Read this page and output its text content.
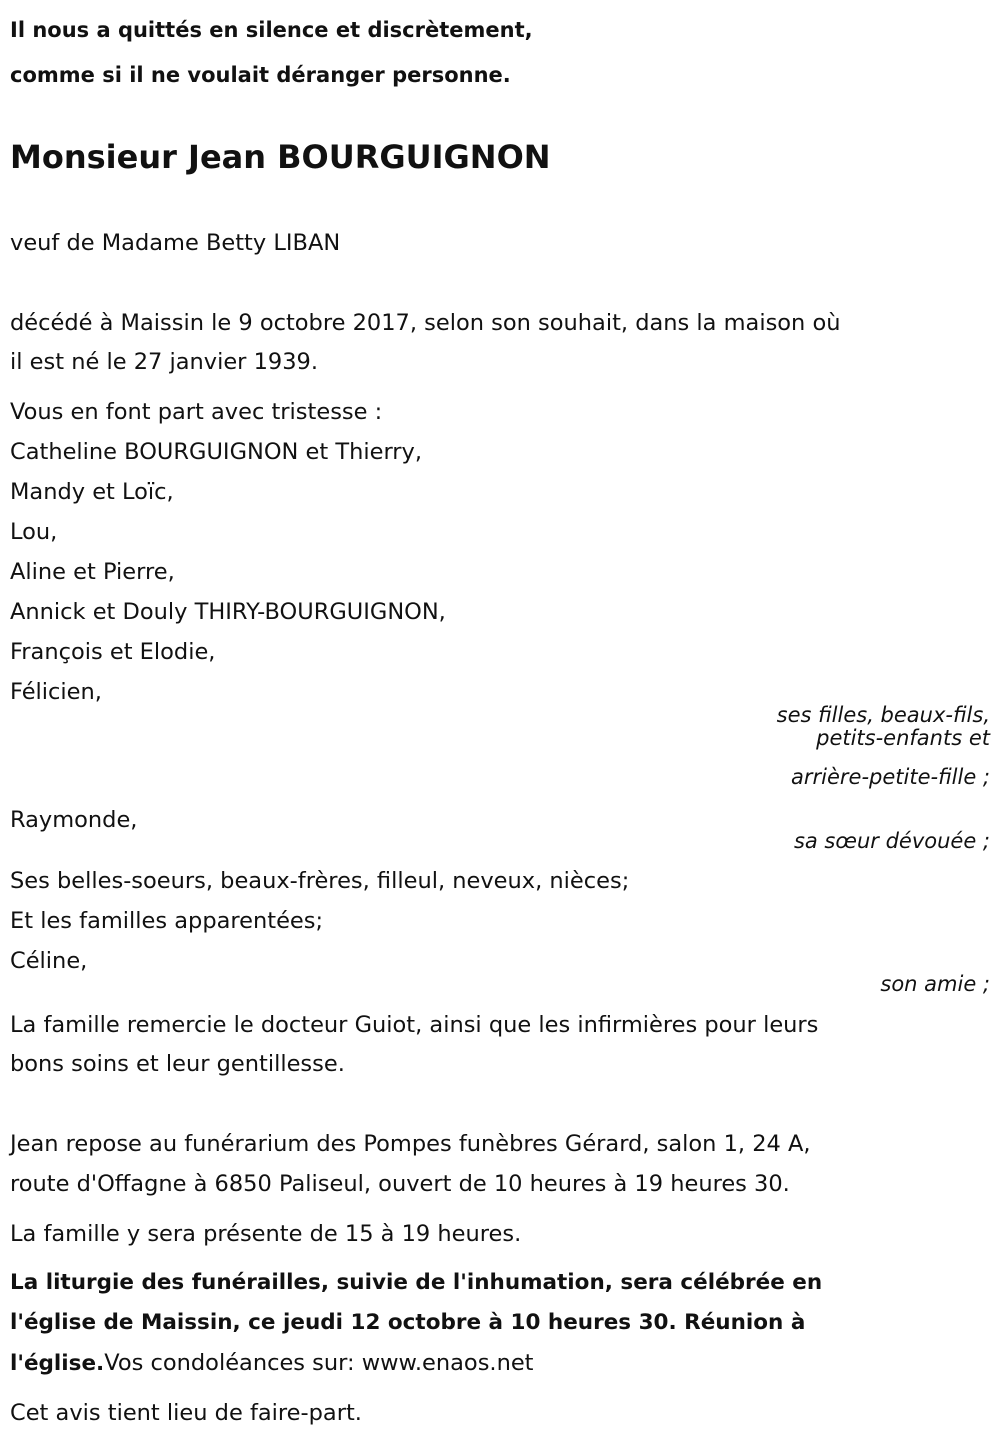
Il nous a quittés en silence et discrètement,
comme si il ne voulait déranger personne.
Monsieur Jean BOURGUIGNON
veuf de Madame Betty LIBAN
décédé à Maissin le 9 octobre 2017, selon son souhait, dans la maison où
il est né le 27 janvier 1939.
Vous en font part avec tristesse :
Catheline BOURGUIGNON et Thierry,
Mandy et Loïc,
Lou,
Aline et Pierre,
Annick et Douly THIRY-BOURGUIGNON,
François et Elodie,
Félicien,
ses filles, beaux-fils,
petits-enfants et
arrière-petite-fille ;
Raymonde,
sa sœur dévouée ;
Ses belles-soeurs, beaux-frères, filleul, neveux, nièces;
Et les familles apparentées;
Céline,
son amie ;
La famille remercie le docteur Guiot, ainsi que les infirmières pour leurs
bons soins et leur gentillesse.
Jean repose au funérarium des Pompes funèbres Gérard, salon 1, 24 A,
route d'Offagne à 6850 Paliseul, ouvert de 10 heures à 19 heures 30.
La famille y sera présente de 15 à 19 heures.
La liturgie des funérailles, suivie de l'inhumation, sera célébrée en
l'église de Maissin, ce jeudi 12 octobre à 10 heures 30. Réunion à
l'église.Vos condoléances sur: www.enaos.net
Cet avis tient lieu de faire-part.
